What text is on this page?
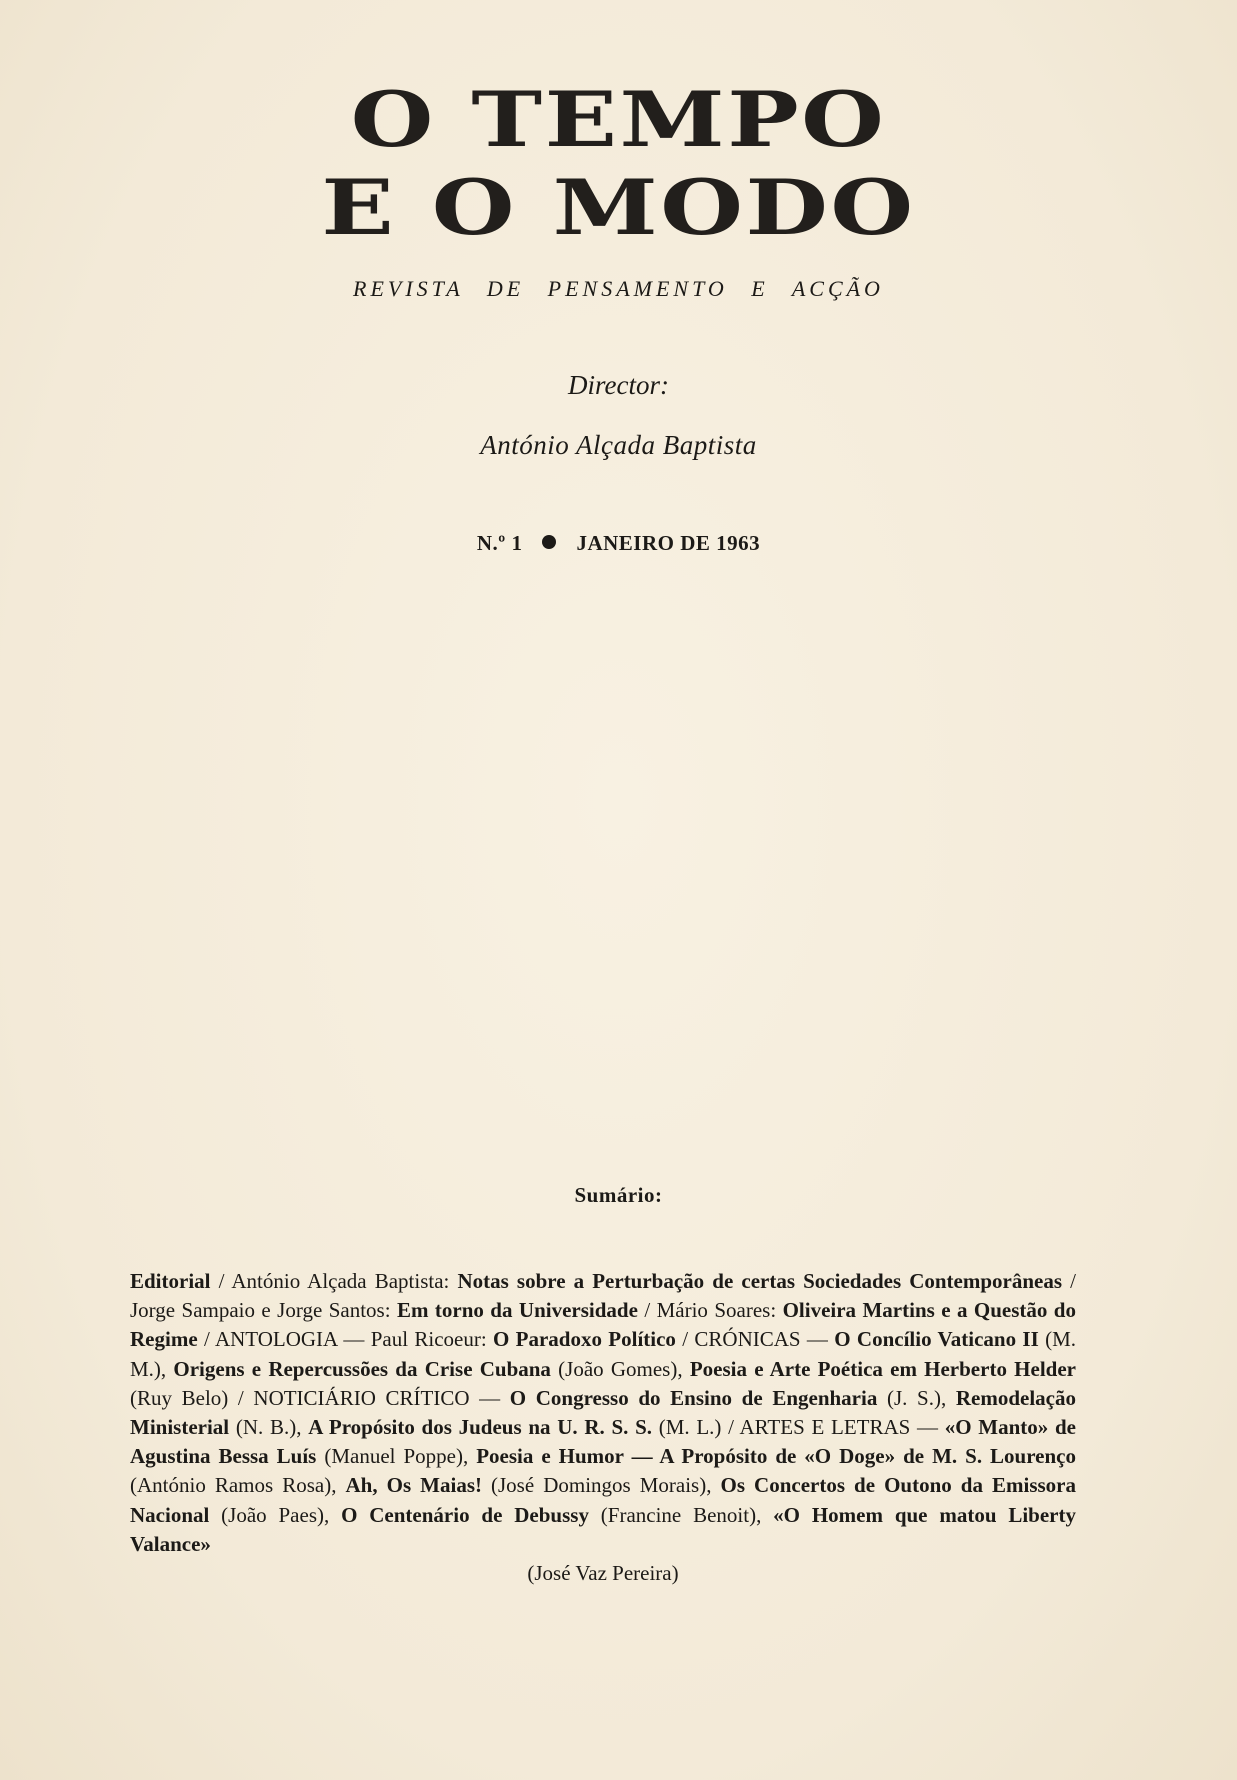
O TEMPO
E O MODO
REVISTA DE PENSAMENTO E ACÇÃO
Director:
António Alçada Baptista
N.º 1	JANEIRO DE 1963
Sumário:
Editorial / António Alçada Baptista: Notas sobre a Perturbação de certas Sociedades Contemporâneas / Jorge Sampaio e Jorge Santos: Em torno da Universidade / Mário Soares: Oliveira Martins e a Questão do Regime / ANTOLOGIA — Paul Ricoeur: O Paradoxo Político / CRÓNICAS — O Concílio Vaticano II (M. M.), Origens e Repercussões da Crise Cubana (João Gomes), Poesia e Arte Poética em Herberto Helder (Ruy Belo) / NOTICIÁRIO CRÍTICO — O Congresso do Ensino de Engenharia (J. S.), Remodelação Ministerial (N. B.), A Propósito dos Judeus na U. R. S. S. (M. L.) / ARTES E LETRAS — «O Manto» de Agustina Bessa Luís (Manuel Poppe), Poesia e Humor — A Propósito de «O Doge» de M. S. Lourenço (António Ramos Rosa), Ah, Os Maias! (José Domingos Morais), Os Concertos de Outono da Emissora Nacional (João Paes), O Centenário de Debussy (Francine Benoit), «O Homem que matou Liberty Valance»
(José Vaz Pereira)
